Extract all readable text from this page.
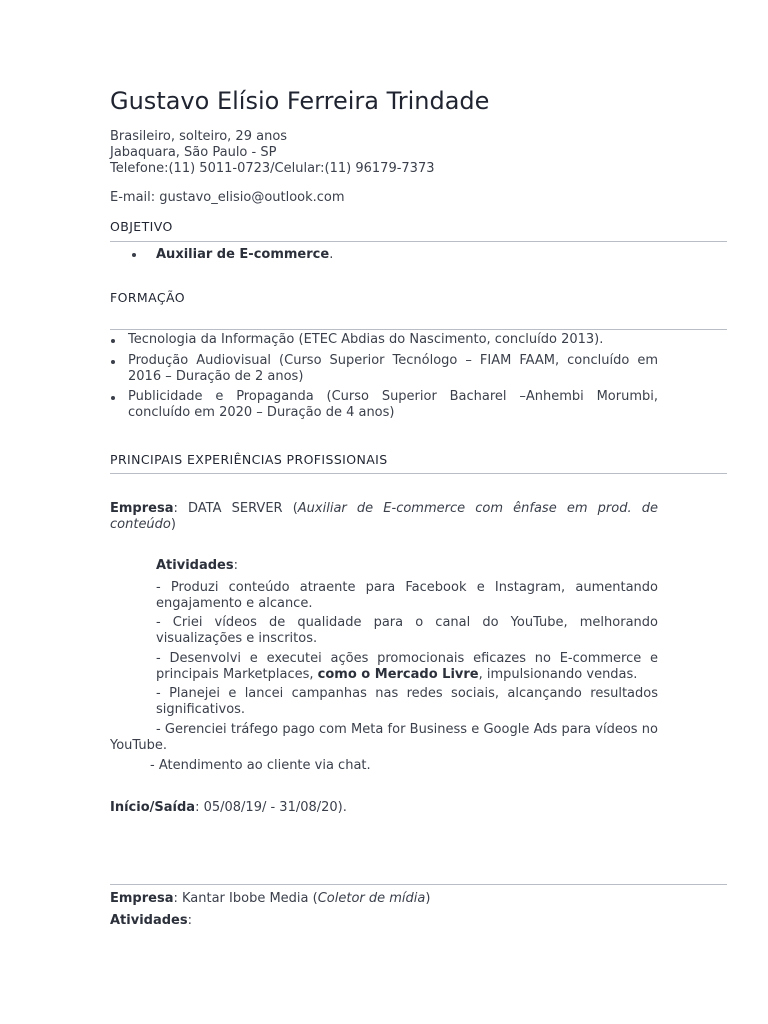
Gustavo Elísio Ferreira Trindade
Brasileiro, solteiro, 29 anos
Jabaquara, São Paulo - SP
Telefone:(11) 5011-0723/Celular:(11) 96179-7373
E-mail: gustavo_elisio@outlook.com
OBJETIVO
Auxiliar de E-commerce.
FORMAÇÃO
Tecnologia da Informação (ETEC Abdias do Nascimento, concluído 2013).
Produção Audiovisual (Curso Superior Tecnólogo – FIAM FAAM, concluído em 2016 – Duração de 2 anos)
Publicidade e Propaganda (Curso Superior Bacharel –Anhembi Morumbi, concluído em 2020 – Duração de 4 anos)
PRINCIPAIS EXPERIÊNCIAS PROFISSIONAIS
Empresa: DATA SERVER (Auxiliar de E-commerce com ênfase em prod. de conteúdo)
Atividades:
- Produzi conteúdo atraente para Facebook e Instagram, aumentando engajamento e alcance.
- Criei vídeos de qualidade para o canal do YouTube, melhorando visualizações e inscritos.
- Desenvolvi e executei ações promocionais eficazes no E-commerce e principais Marketplaces, como o Mercado Livre, impulsionando vendas.
- Planejei e lancei campanhas nas redes sociais, alcançando resultados significativos.
- Gerenciei tráfego pago com Meta for Business e Google Ads para vídeos no YouTube.
- Atendimento ao cliente via chat.
Início/Saída: 05/08/19/ - 31/08/20).
Empresa: Kantar Ibobe Media (Coletor de mídia)
Atividades:
